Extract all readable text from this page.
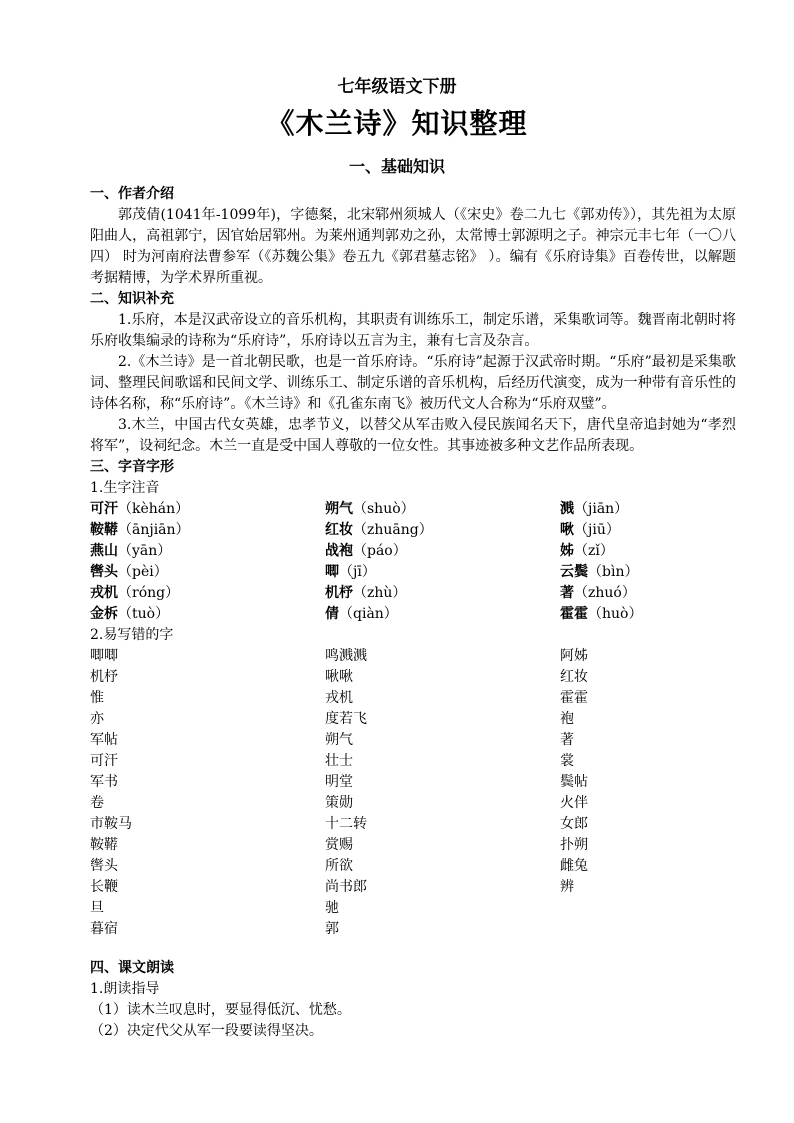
七年级语文下册
《木兰诗》知识整理
一、基础知识

一、作者介绍

郭茂倩(1041年-1099年)，字德粲，北宋郓州须城人（《宋史》卷二九七《郭劝传》），其先祖为太原阳曲人，高祖郭宁，因官始居郓州。为莱州通判郭劝之孙，太常博士郭源明之子。神宗元丰七年（一〇八四） 时为河南府法曹参军（《苏魏公集》卷五九《郭君墓志铭》 ）。编有《乐府诗集》百卷传世，以解题考据精博，为学术界所重视。

二、知识补充

1.乐府，本是汉武帝设立的音乐机构，其职责有训练乐工，制定乐谱，采集歌词等。魏晋南北朝时将乐府收集编录的诗称为“乐府诗”，乐府诗以五言为主，兼有七言及杂言。

2.《木兰诗》是一首北朝民歌，也是一首乐府诗。“乐府诗”起源于汉武帝时期。“乐府”最初是采集歌词、整理民间歌谣和民间文学、训练乐工、制定乐谱的音乐机构，后经历代演变，成为一种带有音乐性的诗体名称，称“乐府诗”。《木兰诗》和《孔雀东南飞》被历代文人合称为“乐府双璧”。

3.木兰，中国古代女英雄，忠孝节义，以替父从军击败入侵民族闻名天下，唐代皇帝追封她为“孝烈将军”，设祠纪念。木兰一直是受中国人尊敬的一位女性。其事迹被多种文艺作品所表现。

三、字音字形

1.生字注音

可汗（kèhán）	朔气（shuò）	溅（jiān）
鞍鞯（ānjiān）	红妆（zhuāng）	啾（jiū）
燕山（yān）	战袍（páo）	姊（zǐ）
辔头（pèi）	唧（jī）	云鬓（bìn）
戎机（róng）	机杼（zhù）	著（zhuó）
金柝（tuò）	倩（qiàn）	霍霍（huò）

2.易写错的字

唧唧	鸣溅溅	阿姊
机杼	啾啾	红妆
惟	戎机	霍霍
亦	度若飞	袍
军帖	朔气	著
可汗	壮士	裳
军书	明堂	鬓帖
卷	策勋	火伴
市鞍马	十二转	女郎
鞍鞯	赏赐	扑朔
辔头	所欲	雌兔
长鞭	尚书郎	辨
旦	驰
暮宿	郭

四、课文朗读

1.朗读指导

（1）读木兰叹息时，要显得低沉、忧愁。

（2）决定代父从军一段要读得坚决。
